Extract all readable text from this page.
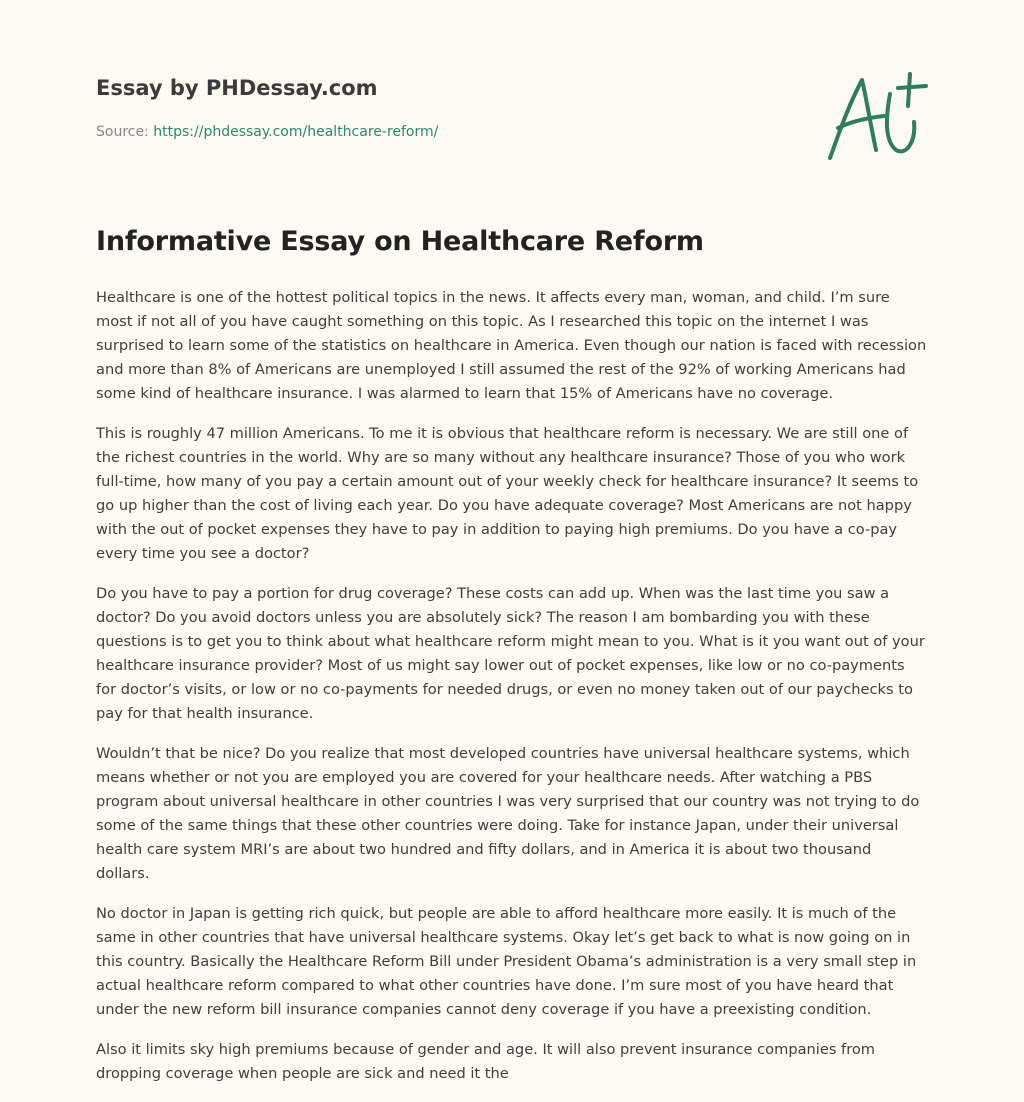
Essay by PHDessay.com
Source: https://phdessay.com/healthcare-reform/
Informative Essay on Healthcare Reform

Healthcare is one of the hottest political topics in the news. It affects every man, woman, and child. I’m sure most if not all of you have caught something on this topic. As I researched this topic on the internet I was surprised to learn some of the statistics on healthcare in America. Even though our nation is faced with recession and more than 8% of Americans are unemployed I still assumed the rest of the 92% of working Americans had some kind of healthcare insurance. I was alarmed to learn that 15% of Americans have no coverage.

This is roughly 47 million Americans. To me it is obvious that healthcare reform is necessary. We are still one of the richest countries in the world. Why are so many without any healthcare insurance? Those of you who work full-time, how many of you pay a certain amount out of your weekly check for healthcare insurance? It seems to go up higher than the cost of living each year. Do you have adequate coverage? Most Americans are not happy with the out of pocket expenses they have to pay in addition to paying high premiums. Do you have a co-pay every time you see a doctor?

Do you have to pay a portion for drug coverage? These costs can add up. When was the last time you saw a doctor? Do you avoid doctors unless you are absolutely sick? The reason I am bombarding you with these questions is to get you to think about what healthcare reform might mean to you. What is it you want out of your healthcare insurance provider? Most of us might say lower out of pocket expenses, like low or no co-payments for doctor’s visits, or low or no co-payments for needed drugs, or even no money taken out of our paychecks to pay for that health insurance.

Wouldn’t that be nice? Do you realize that most developed countries have universal healthcare systems, which means whether or not you are employed you are covered for your healthcare needs. After watching a PBS program about universal healthcare in other countries I was very surprised that our country was not trying to do some of the same things that these other countries were doing. Take for instance Japan, under their universal health care system MRI’s are about two hundred and fifty dollars, and in America it is about two thousand dollars.

No doctor in Japan is getting rich quick, but people are able to afford healthcare more easily. It is much of the same in other countries that have universal healthcare systems. Okay let’s get back to what is now going on in this country. Basically the Healthcare Reform Bill under President Obama’s administration is a very small step in actual healthcare reform compared to what other countries have done. I’m sure most of you have heard that under the new reform bill insurance companies cannot deny coverage if you have a preexisting condition.

Also it limits sky high premiums because of gender and age. It will also prevent insurance companies from dropping coverage when people are sick and need it the
